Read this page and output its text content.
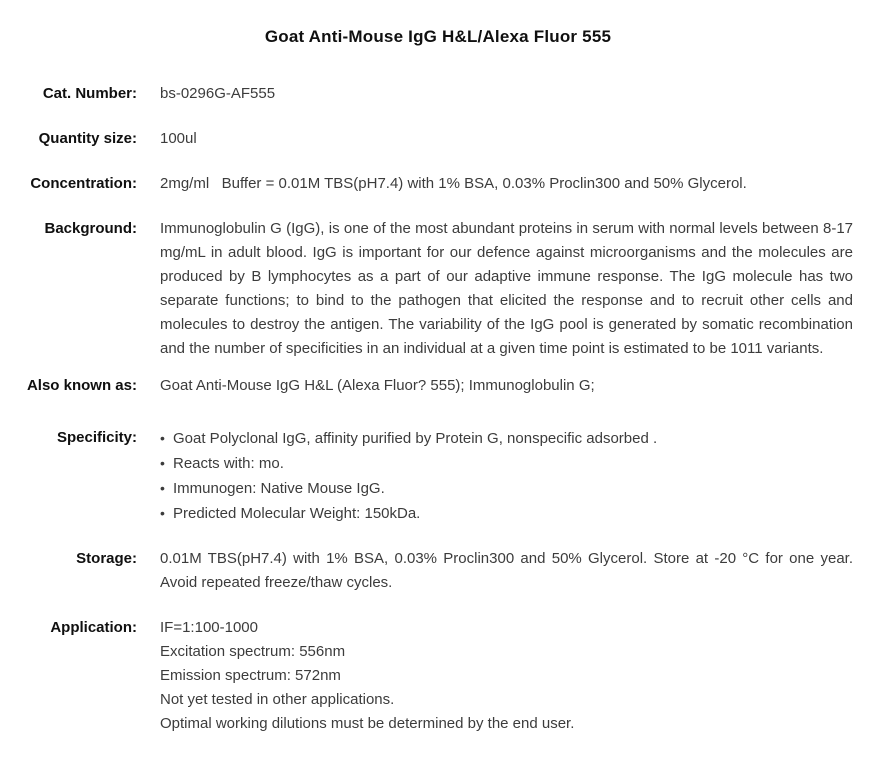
Goat Anti-Mouse IgG H&L/Alexa Fluor 555
Cat. Number: bs-0296G-AF555
Quantity size: 100ul
Concentration: 2mg/ml   Buffer = 0.01M TBS(pH7.4) with 1% BSA, 0.03% Proclin300 and 50% Glycerol.
Background: Immunoglobulin G (IgG), is one of the most abundant proteins in serum with normal levels between 8-17 mg/mL in adult blood. IgG is important for our defence against microorganisms and the molecules are produced by B lymphocytes as a part of our adaptive immune response. The IgG molecule has two separate functions; to bind to the pathogen that elicited the response and to recruit other cells and molecules to destroy the antigen. The variability of the IgG pool is generated by somatic recombination and the number of specificities in an individual at a given time point is estimated to be 1011 variants.
Also known as: Goat Anti-Mouse IgG H&L (Alexa Fluor? 555); Immunoglobulin G;
Specificity:	• Goat Polyclonal IgG, affinity purified by Protein G, nonspecific adsorbed .
• Reacts with: mo.
• Immunogen: Native Mouse IgG.
• Predicted Molecular Weight: 150kDa.
Storage: 0.01M TBS(pH7.4) with 1% BSA, 0.03% Proclin300 and 50% Glycerol. Store at -20 °C for one year. Avoid repeated freeze/thaw cycles.
Application: IF=1:100-1000
Excitation spectrum: 556nm
Emission spectrum: 572nm
Not yet tested in other applications.
Optimal working dilutions must be determined by the end user.
